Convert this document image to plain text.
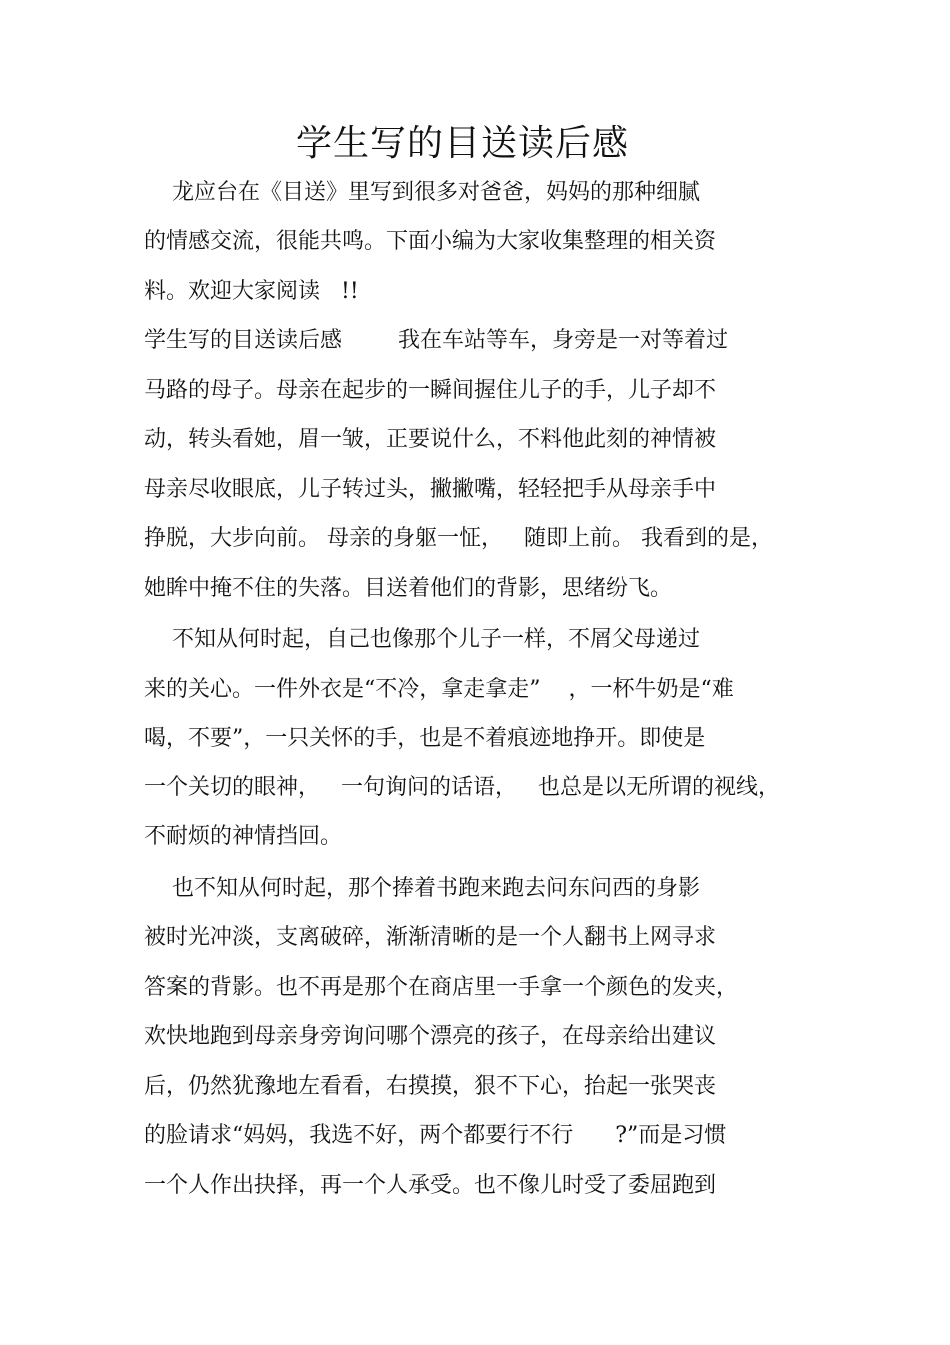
学生写的目送读后感

龙应台在《目送》里写到很多对爸爸，妈妈的那种细腻

的情感交流，很能共鸣。下面小编为大家收集整理的相关资

料。欢迎大家阅读   !!

学生写的目送读后感        我在车站等车，身旁是一对等着过

马路的母子。母亲在起步的一瞬间握住儿子的手，儿子却不

动，转头看她，眉一皱，正要说什么，不料他此刻的神情被

母亲尽收眼底，儿子转过头，撇撇嘴，轻轻把手从母亲手中

挣脱，大步向前。 母亲的身躯一怔，   随即上前。 我看到的是，

她眸中掩不住的失落。目送着他们的背影，思绪纷飞。

不知从何时起，自己也像那个儿子一样，不屑父母递过

来的关心。一件外衣是“不冷，拿走拿走”    ，一杯牛奶是“难

喝，不要”，一只关怀的手，也是不着痕迹地挣开。即使是

一个关切的眼神，   一句询问的话语，   也总是以无所谓的视线，

不耐烦的神情挡回。

也不知从何时起，那个捧着书跑来跑去问东问西的身影

被时光冲淡，支离破碎，渐渐清晰的是一个人翻书上网寻求

答案的背影。也不再是那个在商店里一手拿一个颜色的发夹，

欢快地跑到母亲身旁询问哪个漂亮的孩子，在母亲给出建议

后，仍然犹豫地左看看，右摸摸，狠不下心，抬起一张哭丧

的脸请求“妈妈，我选不好，两个都要行不行      ?”而是习惯

一个人作出抉择，再一个人承受。也不像儿时受了委屈跑到
